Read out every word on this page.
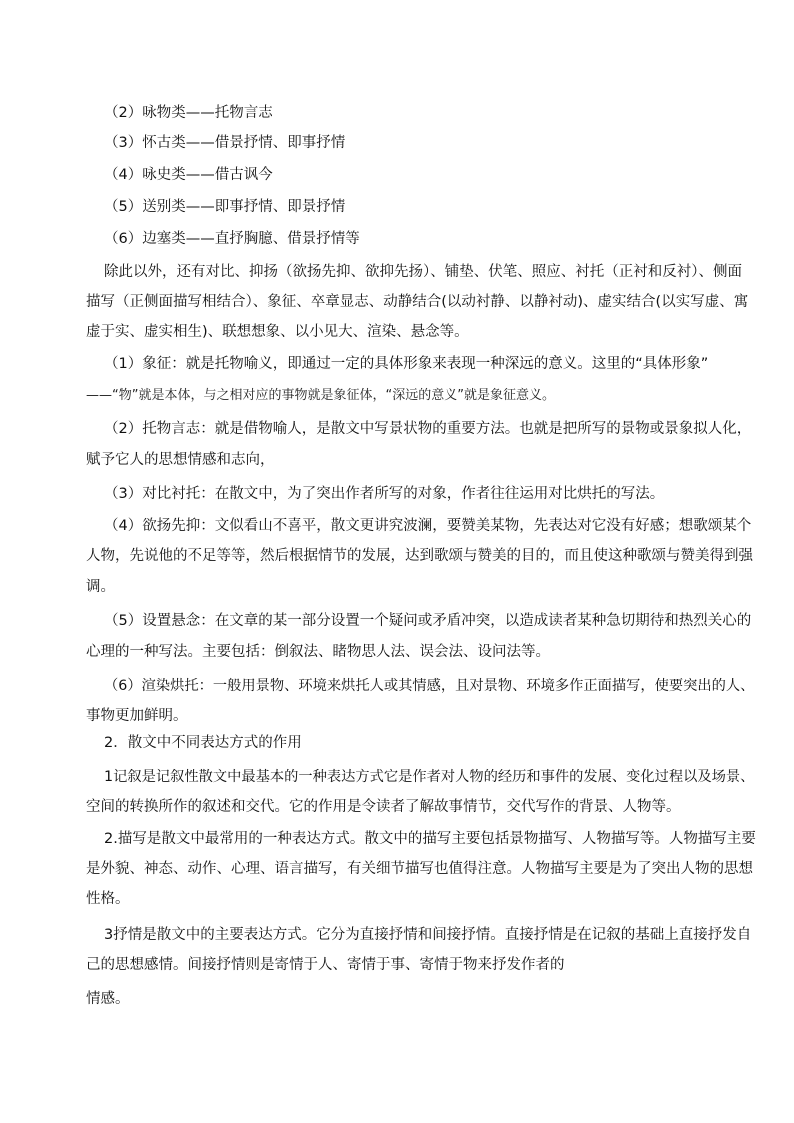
（2）咏物类——托物言志
（3）怀古类——借景抒情、即事抒情
（4）咏史类——借古讽今
（5）送别类——即事抒情、即景抒情
（6）边塞类——直抒胸臆、借景抒情等
除此以外，还有对比、抑扬（欲扬先抑、欲抑先扬）、铺垫、伏笔、照应、衬托（正衬和反衬）、侧面
描写（正侧面描写相结合）、象征、卒章显志、动静结合(以动衬静、以静衬动)、虚实结合(以实写虚、寓
虚于实、虚实相生)、联想想象、以小见大、渲染、悬念等。
（1）象征：就是托物喻义，即通过一定的具体形象来表现一种深远的意义。这里的“具体形象”
——“物”就是本体，与之相对应的事物就是象征体，“深远的意义”就是象征意义。
（2）托物言志：就是借物喻人，是散文中写景状物的重要方法。也就是把所写的景物或景象拟人化，
赋予它人的思想情感和志向，
（3）对比衬托：在散文中，为了突出作者所写的对象，作者往往运用对比烘托的写法。
（4）欲扬先抑：文似看山不喜平，散文更讲究波澜，要赞美某物，先表达对它没有好感；想歌颂某个
人物，先说他的不足等等，然后根据情节的发展，达到歌颂与赞美的目的，而且使这种歌颂与赞美得到强
调。
（5）设置悬念：在文章的某一部分设置一个疑问或矛盾冲突，以造成读者某种急切期待和热烈关心的
心理的一种写法。主要包括：倒叙法、睹物思人法、误会法、设问法等。
（6）渲染烘托：一般用景物、环境来烘托人或其情感，且对景物、环境多作正面描写，使要突出的人、
事物更加鲜明。
2．散文中不同表达方式的作用
1记叙是记叙性散文中最基本的一种表达方式它是作者对人物的经历和事件的发展、变化过程以及场景、
空间的转换所作的叙述和交代。它的作用是令读者了解故事情节，交代写作的背景、人物等。
2.描写是散文中最常用的一种表达方式。散文中的描写主要包括景物描写、人物描写等。人物描写主要
是外貌、神态、动作、心理、语言描写，有关细节描写也值得注意。人物描写主要是为了突出人物的思想
性格。
3抒情是散文中的主要表达方式。它分为直接抒情和间接抒情。直接抒情是在记叙的基础上直接抒发自
己的思想感情。间接抒情则是寄情于人、寄情于事、寄情于物来抒发作者的
情感。
